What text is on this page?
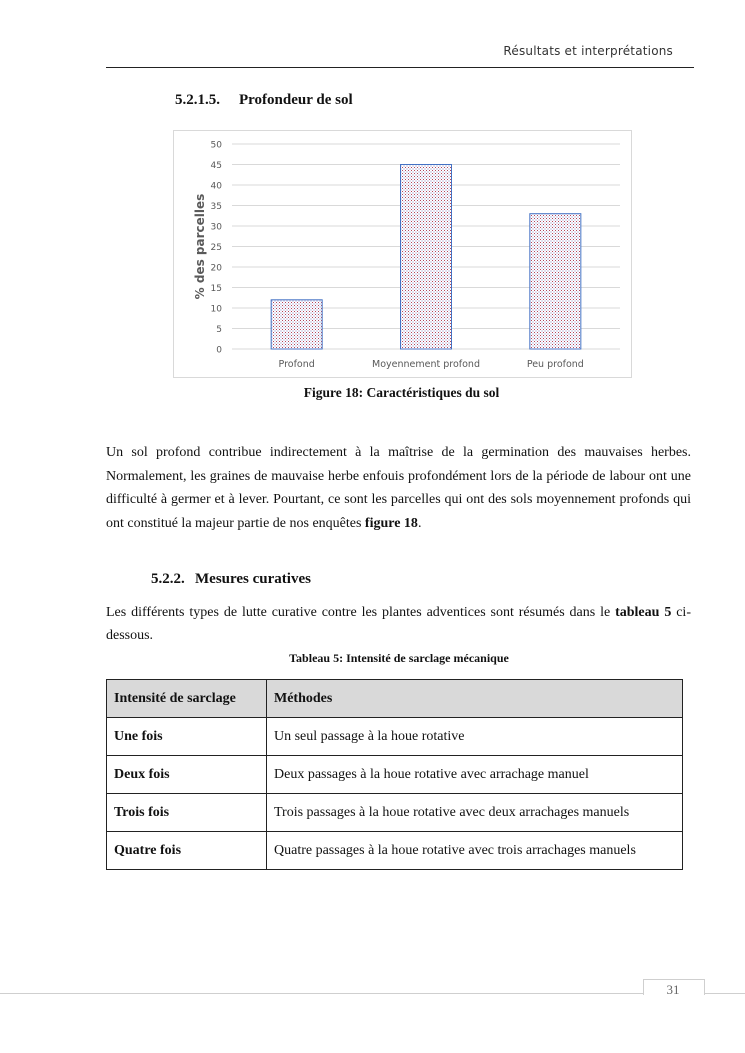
Résultats et interprétations
5.2.1.5. Profondeur de sol
0
5
10
15
20
25
30
35
40
45
50
Profond	Moyennement profond	Peu profond
% des parcelles
Figure 18: Caractéristiques du sol
Un sol profond contribue indirectement à la maîtrise de la germination des mauvaises herbes. Normalement, les graines de mauvaise herbe enfouis profondément lors de la période de labour ont une difficulté à germer et à lever. Pourtant, ce sont les parcelles qui ont des sols moyennement profonds qui ont constitué la majeur partie de nos enquêtes figure 18.
5.2.2. Mesures curatives
Les différents types de lutte curative contre les plantes adventices sont résumés dans le tableau 5 ci-dessous.
Tableau 5: Intensité de sarclage mécanique
Intensité de sarclage	Méthodes
Une fois	Un seul passage à la houe rotative
Deux fois	Deux passages à la houe rotative avec arrachage manuel
Trois fois	Trois passages à la houe rotative avec deux arrachages manuels
Quatre fois	Quatre passages à la houe rotative avec trois arrachages manuels
31
